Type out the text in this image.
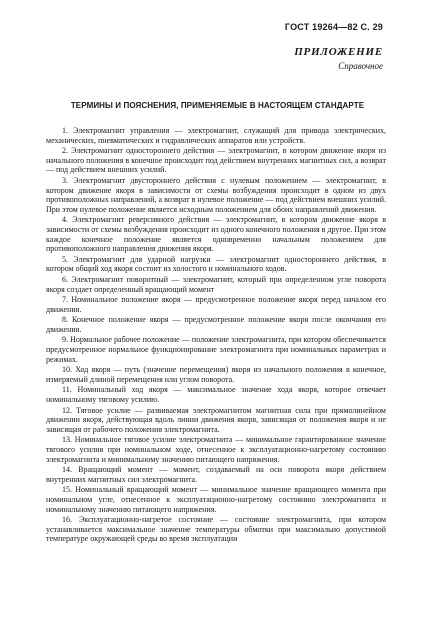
ГОСТ 19264—82 С. 29
ПРИЛОЖЕНИЕ
Справочное
ТЕРМИНЫ И ПОЯСНЕНИЯ, ПРИМЕНЯЕМЫЕ В НАСТОЯЩЕМ СТАНДАРТЕ

1. Электромагнит управления — электромагнит, служащий для привода электрических, механических, пневматических и гидравлических аппаратов или устройств.

2. Электромагнит одностороннего действия — электромагнит, в котором движение якоря из начального положения в конечное происходит под действием внутренних магнитных сил, а возврат — под действием внешних усилий.

3. Электромагнит двустороннего действия с нулевым положением — электромагнит, в котором движение якоря в зависимости от схемы возбуждения происходит в одном из двух противоположных направлений, а возврат в нулевое положение — под действием внешних усилий. При этом нулевое положение является исходным положением для обоих направлений движения.

4. Электромагнит реверсивного действия — электромагнит, в котором движение якоря в зависимости от схемы возбуждения происходит из одного конечного положения в другое. При этом каждое конечное положение является одновременно начальным положением для противоположного направления движения якоря.

5. Электромагнит для ударной нагрузки — электромагнит одностороннего действия, в котором общий ход якоря состоит из холостого и номинального ходов.

6. Электромагнит поворотный — электромагнит, который при определенном угле поворота якоря создает определенный вращающий момент

7. Номинальное положение якоря — предусмотренное положение якоря перед началом его движения.

8. Конечное положение якоря — предусмотренное положение якоря после окончания его движения.

9. Нормальное рабочее положение — положение электромагнита, при котором обеспечивается предусмотренное нормальное функционирование электромагнита при номинальных параметрах и режимах.

10. Ход якоря — путь (значение перемещения) якоря из начального положения в конечное, измеряемый длиной перемещения или углом поворота.

11. Номинальный ход якоря — максимальное значение хода якоря, которое отвечает номинальному тяговому усилию.

12. Тяговое усилие — развиваемая электромагнитом магнитная сила при прямолинейном движении якоря, действующая вдоль линии движения якоря, зависящая от положения якоря и не зависящая от рабочего положения электромагнита.

13. Номинальное тяговое усилие электромагнита — минимальное гарантированное значение тягового усилия при номинальном ходе, отнесенное к эксплуатационно-нагретому состоянию электромагнита и минимальному значению питающего напряжения.

14. Вращающий момент — момент, создаваемый на оси поворота якоря действием внутренних магнитных сил электромагнита.

15. Номинальный вращающий момент — минимальное значение вращающего момента при номинальном угле, отнесенное к эксплуатационно-нагретому состоянию электромагнита и номинальному значению питающего напряжения.

16. Эксплуатационно-нагретое состояние — состояние электромагнита, при котором устанавливается максимальное значение температуры обмотки при максимально допустимой температуре окружающей среды во время эксплуатации
